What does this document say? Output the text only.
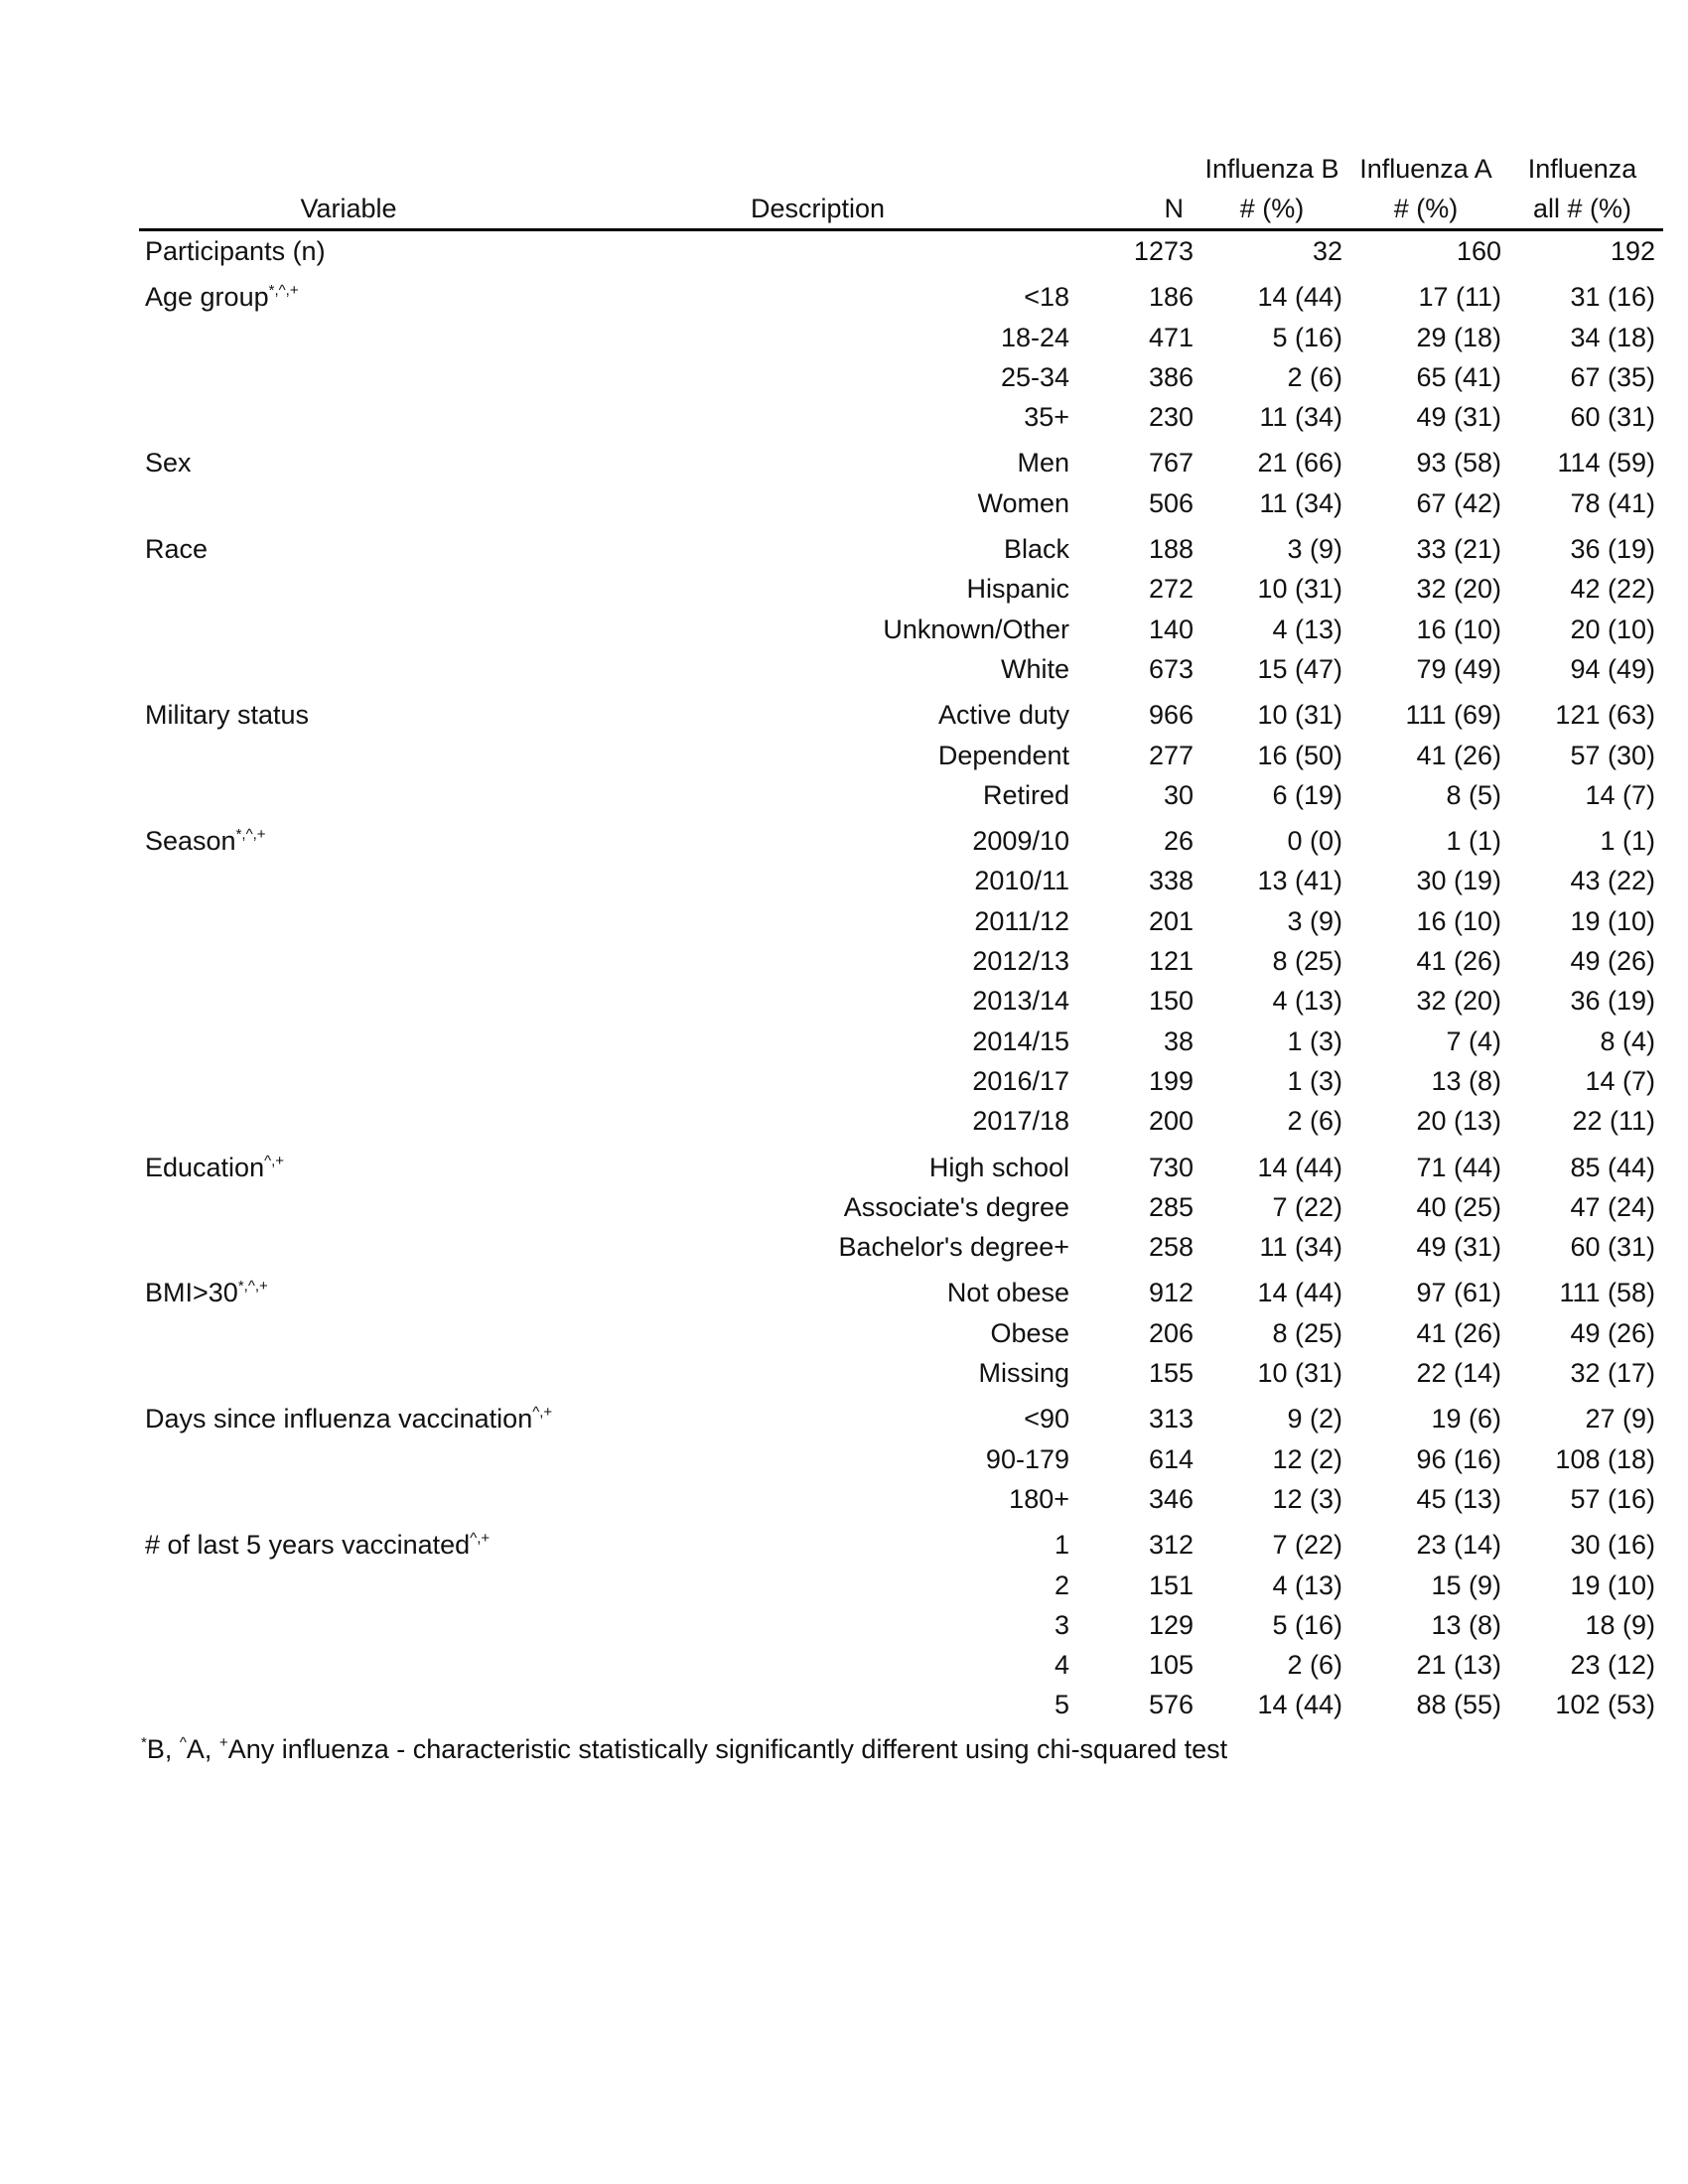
			Influenza B	Influenza A	Influenza
Variable	Description	N	# (%)	# (%)	all # (%)
Participants (n)		1273	32	160	192
Age group*,^,+	<18	186	14 (44)	17 (11)	31 (16)
	18-24	471	5 (16)	29 (18)	34 (18)
	25-34	386	2 (6)	65 (41)	67 (35)
	35+	230	11 (34)	49 (31)	60 (31)
Sex	Men	767	21 (66)	93 (58)	114 (59)
	Women	506	11 (34)	67 (42)	78 (41)
Race	Black	188	3 (9)	33 (21)	36 (19)
	Hispanic	272	10 (31)	32 (20)	42 (22)
	Unknown/Other	140	4 (13)	16 (10)	20 (10)
	White	673	15 (47)	79 (49)	94 (49)
Military status	Active duty	966	10 (31)	111 (69)	121 (63)
	Dependent	277	16 (50)	41 (26)	57 (30)
	Retired	30	6 (19)	8 (5)	14 (7)
Season*,^,+	2009/10	26	0 (0)	1 (1)	1 (1)
	2010/11	338	13 (41)	30 (19)	43 (22)
	2011/12	201	3 (9)	16 (10)	19 (10)
	2012/13	121	8 (25)	41 (26)	49 (26)
	2013/14	150	4 (13)	32 (20)	36 (19)
	2014/15	38	1 (3)	7 (4)	8 (4)
	2016/17	199	1 (3)	13 (8)	14 (7)
	2017/18	200	2 (6)	20 (13)	22 (11)
Education^,+	High school	730	14 (44)	71 (44)	85 (44)
	Associate's degree	285	7 (22)	40 (25)	47 (24)
	Bachelor's degree+	258	11 (34)	49 (31)	60 (31)
BMI>30*,^,+	Not obese	912	14 (44)	97 (61)	111 (58)
	Obese	206	8 (25)	41 (26)	49 (26)
	Missing	155	10 (31)	22 (14)	32 (17)
Days since influenza vaccination^,+	<90	313	9 (2)	19 (6)	27 (9)
	90-179	614	12 (2)	96 (16)	108 (18)
	180+	346	12 (3)	45 (13)	57 (16)
# of last 5 years vaccinated^,+	1	312	7 (22)	23 (14)	30 (16)
	2	151	4 (13)	15 (9)	19 (10)
	3	129	5 (16)	13 (8)	18 (9)
	4	105	2 (6)	21 (13)	23 (12)
	5	576	14 (44)	88 (55)	102 (53)
*B, ^A, +Any influenza - characteristic statistically significantly different using chi-squared test
